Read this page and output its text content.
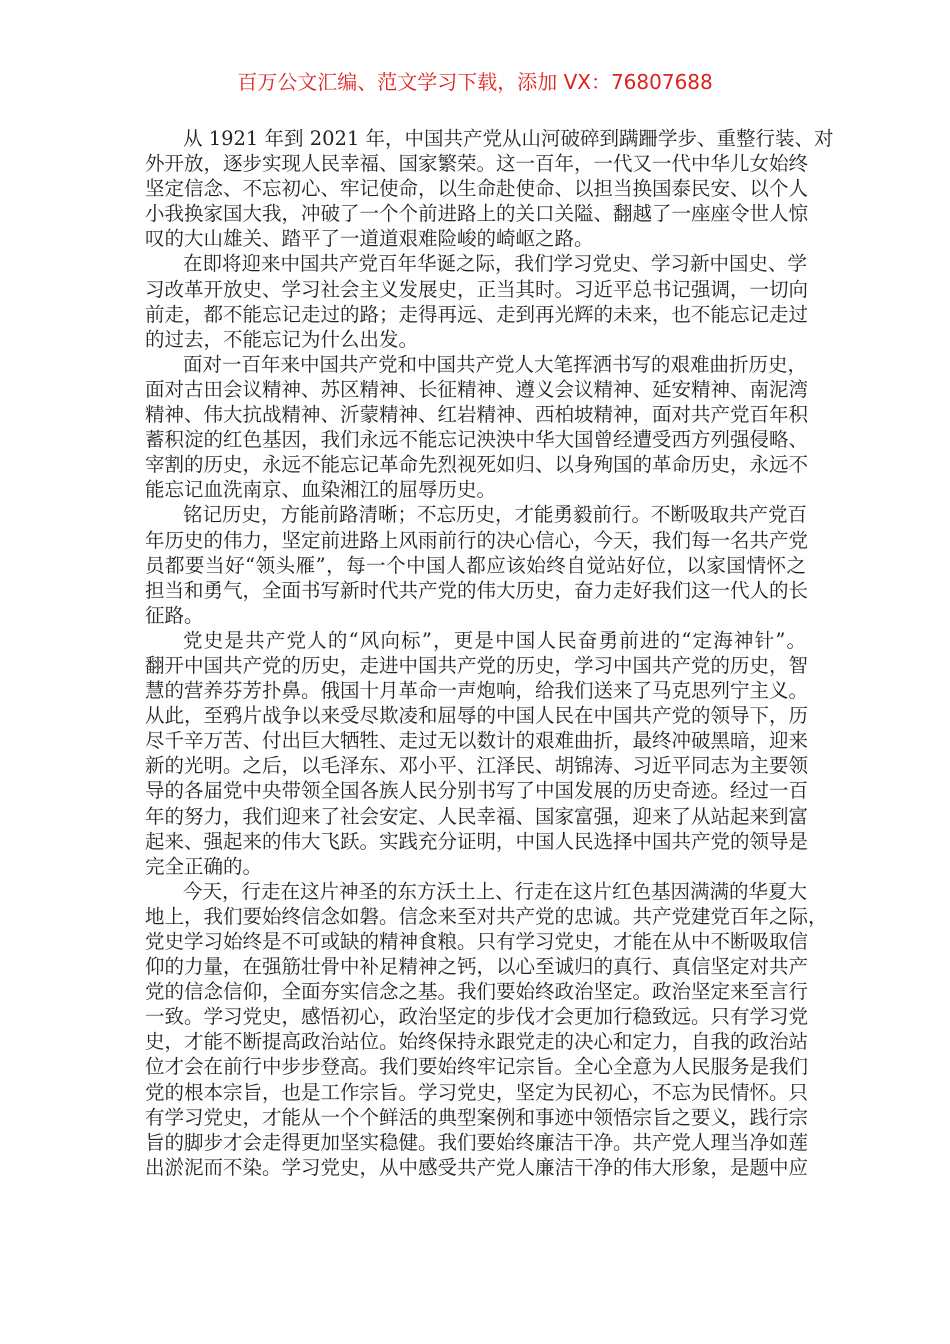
百万公文汇编、范文学习下载，添加 VX：76807688
从 1921 年到 2021 年，中国共产党从山河破碎到蹒跚学步、重整行装、对
外开放，逐步实现人民幸福、国家繁荣。这一百年，一代又一代中华儿女始终
坚定信念、不忘初心、牢记使命，以生命赴使命、以担当换国泰民安、以个人
小我换家国大我，冲破了一个个前进路上的关口关隘、翻越了一座座令世人惊
叹的大山雄关、踏平了一道道艰难险峻的崎岖之路。
在即将迎来中国共产党百年华诞之际，我们学习党史、学习新中国史、学
习改革开放史、学习社会主义发展史，正当其时。习近平总书记强调，一切向
前走，都不能忘记走过的路；走得再远、走到再光辉的未来，也不能忘记走过
的过去，不能忘记为什么出发。
面对一百年来中国共产党和中国共产党人大笔挥洒书写的艰难曲折历史，
面对古田会议精神、苏区精神、长征精神、遵义会议精神、延安精神、南泥湾
精神、伟大抗战精神、沂蒙精神、红岩精神、西柏坡精神，面对共产党百年积
蓄积淀的红色基因，我们永远不能忘记泱泱中华大国曾经遭受西方列强侵略、
宰割的历史，永远不能忘记革命先烈视死如归、以身殉国的革命历史，永远不
能忘记血洗南京、血染湘江的屈辱历史。
铭记历史，方能前路清晰；不忘历史，才能勇毅前行。不断吸取共产党百
年历史的伟力，坚定前进路上风雨前行的决心信心，今天，我们每一名共产党
员都要当好“领头雁”，每一个中国人都应该始终自觉站好位，以家国情怀之
担当和勇气，全面书写新时代共产党的伟大历史，奋力走好我们这一代人的长
征路。
党史是共产党人的“风向标”，更是中国人民奋勇前进的“定海神针”。
翻开中国共产党的历史，走进中国共产党的历史，学习中国共产党的历史，智
慧的营养芬芳扑鼻。俄国十月革命一声炮响，给我们送来了马克思列宁主义。
从此，至鸦片战争以来受尽欺凌和屈辱的中国人民在中国共产党的领导下，历
尽千辛万苦、付出巨大牺牲、走过无以数计的艰难曲折，最终冲破黑暗，迎来
新的光明。之后，以毛泽东、邓小平、江泽民、胡锦涛、习近平同志为主要领
导的各届党中央带领全国各族人民分别书写了中国发展的历史奇迹。经过一百
年的努力，我们迎来了社会安定、人民幸福、国家富强，迎来了从站起来到富
起来、强起来的伟大飞跃。实践充分证明，中国人民选择中国共产党的领导是
完全正确的。
今天，行走在这片神圣的东方沃土上、行走在这片红色基因满满的华夏大
地上，我们要始终信念如磐。信念来至对共产党的忠诚。共产党建党百年之际，
党史学习始终是不可或缺的精神食粮。只有学习党史，才能在从中不断吸取信
仰的力量，在强筋壮骨中补足精神之钙，以心至诚归的真行、真信坚定对共产
党的信念信仰，全面夯实信念之基。我们要始终政治坚定。政治坚定来至言行
一致。学习党史，感悟初心，政治坚定的步伐才会更加行稳致远。只有学习党
史，才能不断提高政治站位。始终保持永跟党走的决心和定力，自我的政治站
位才会在前行中步步登高。我们要始终牢记宗旨。全心全意为人民服务是我们
党的根本宗旨，也是工作宗旨。学习党史，坚定为民初心，不忘为民情怀。只
有学习党史，才能从一个个鲜活的典型案例和事迹中领悟宗旨之要义，践行宗
旨的脚步才会走得更加坚实稳健。我们要始终廉洁干净。共产党人理当净如莲
出淤泥而不染。学习党史，从中感受共产党人廉洁干净的伟大形象，是题中应
